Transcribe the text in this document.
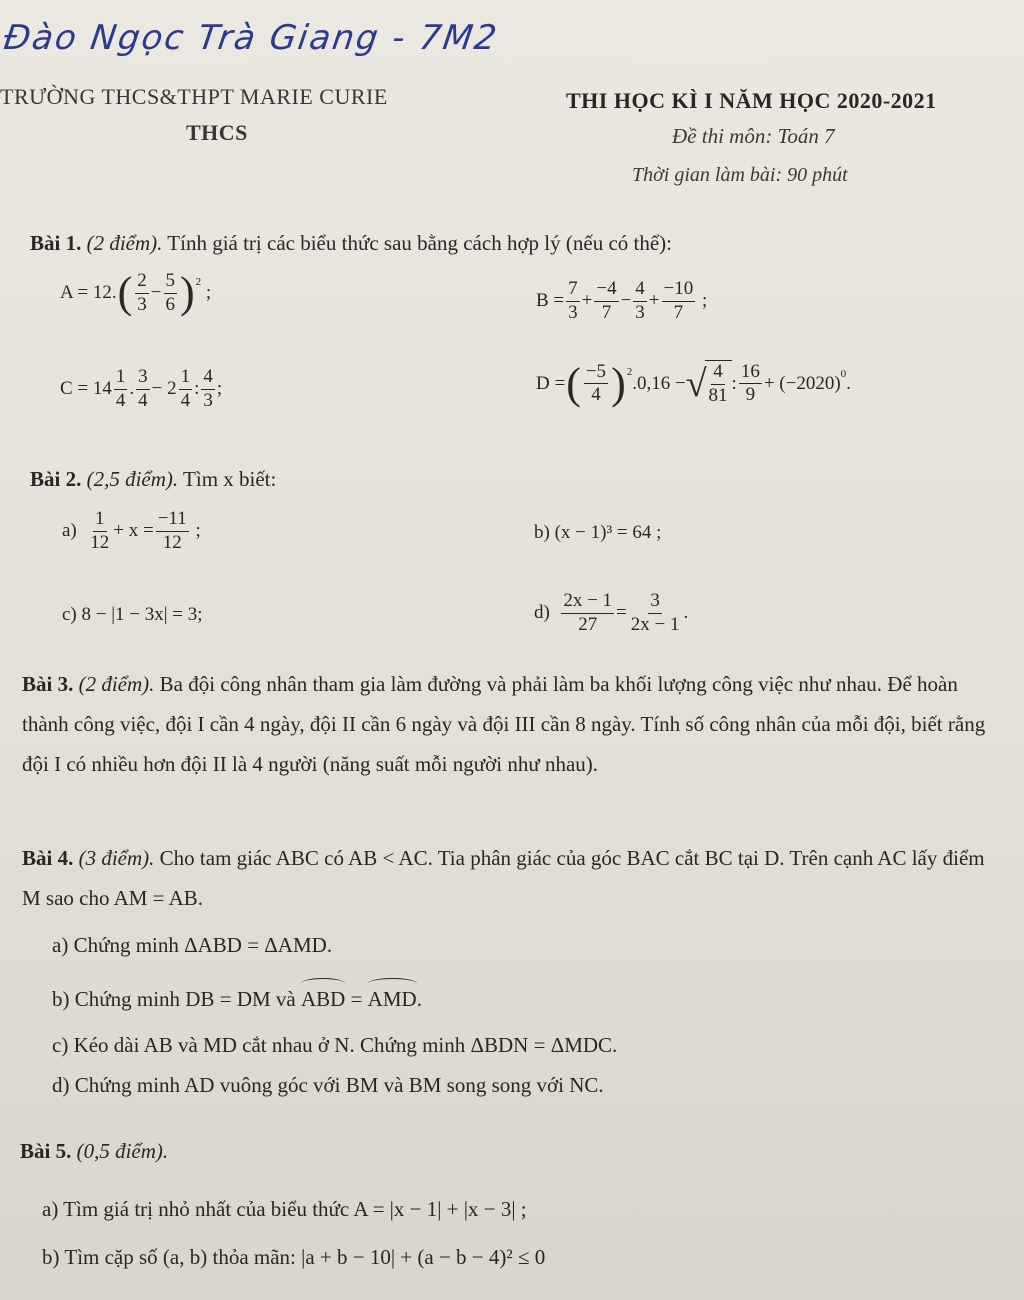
Đào Ngọc Trà Giang - 7M2
TRƯỜNG THCS&THPT MARIE CURIE
THCS
THI HỌC KÌ I NĂM HỌC 2020-2021
Đề thi môn: Toán 7
Thời gian làm bài: 90 phút
Bài 1. (2 điểm). Tính giá trị các biểu thức sau bằng cách hợp lý (nếu có thể):
A = 12. ( $\frac{2}{3} - \frac{5}{6} )^2$
;	$B = \frac{7}{3} + \frac{-4}{7} - \frac{4}{3} + \frac{-10}{7}$ ;
$C = 14 \frac{1}{4}$ . $\frac{3}{4} - 2 \frac{1}{4}$ : $\frac{4}{3}$ ;	D = ( $\frac{-5}{4} )^2$
.0,16 − √ $\frac{4}{81}$ : $\frac{16}{9} + (-2020)^0$ .
Bài 2. (2,5 điểm). Tìm x biết:
$a) \frac{1}{12} + x = \frac{-11}{12}$ ;	b) (x − 1)³ = 64 ;
c) 8 − |1 − 3x| = 3;	$d) \frac{2x - 1}{27} = \frac{3}{2x - 1}$ .
Bài 3. (2 điểm). Ba đội công nhân tham gia làm đường và phải làm ba khối lượng công việc như nhau. Để hoàn thành công việc, đội I cần 4 ngày, đội II cần 6 ngày và đội III cần 8 ngày. Tính số công nhân của mỗi đội, biết rằng đội I có nhiều hơn đội II là 4 người (năng suất mỗi người như nhau).
Bài 4. (3 điểm). Cho tam giác ABC có AB < AC. Tia phân giác của góc BAC cắt BC tại D. Trên cạnh AC lấy điểm M sao cho AM = AB.
a) Chứng minh ΔABD = ΔAMD.
b) Chứng minh DB = DM và ABD = AMD.
c) Kéo dài AB và MD cắt nhau ở N. Chứng minh ΔBDN = ΔMDC.
d) Chứng minh AD vuông góc với BM và BM song song với NC.
Bài 5. (0,5 điểm).
a) Tìm giá trị nhỏ nhất của biểu thức A = |x − 1| + |x − 3| ;
b) Tìm cặp số (a, b) thỏa mãn: |a + b − 10| + (a − b − 4)² ≤ 0
